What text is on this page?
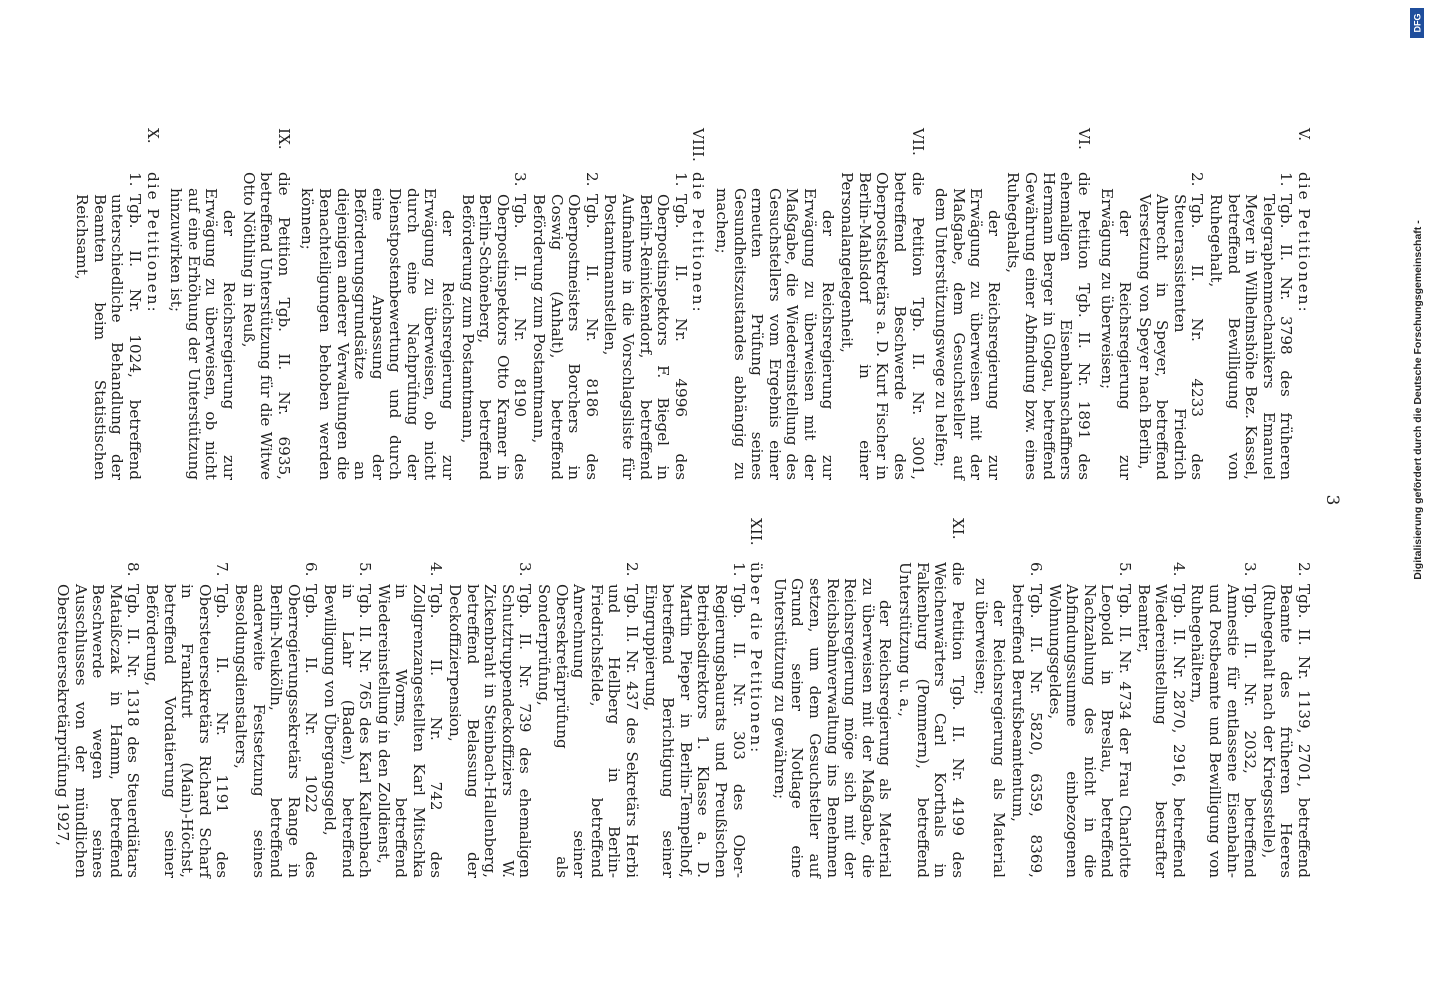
3
V.
die Petitionen:
1.
Tgb. II. Nr. 3798 des früheren Telegraphenmechanikers Emanuel Meyer in Wilhelmshöhe Bez. Kassel, betreffend Bewilligung von Ruhegehalt,
2.
Tgb. II. Nr. 4233 des Steuerassistenten Friedrich Albrecht in Speyer, betreffend Versetzung von Speyer nach Berlin,
der Reichsregierung zur Erwägung zu überweisen;
VI.
die Petition Tgb. II. Nr. 1891 des ehemaligen Eisenbahnschaffners Hermann Berger in Glogau, betreffend Gewährung einer Abfindung bzw. eines Ruhegehalts,
der Reichsregierung zur Erwägung zu überweisen mit der Maßgabe, dem Gesuchsteller auf dem Unterstützungswege zu helfen;
VII.
die Petition Tgb. II. Nr. 3001, betreffend Beschwerde des Oberpostsekretärs a. D. Kurt Fischer in Berlin-Mahlsdorf in einer Personalangelegenheit,
der Reichsregierung zur Erwägung zu überweisen mit der Maßgabe, die Wiedereinstellung des Gesuchstellers vom Ergebnis einer erneuten Prüfung seines Gesundheitszustandes abhängig zu machen;
VIII.
die Petitionen:
1.
Tgb. II. Nr. 4996 des Oberpostinspektors F. Biegel in Berlin-Reinickendorf, betreffend Aufnahme in die Vorschlagsliste für Postamtmannstellen,
2.
Tgb. II. Nr. 8186 des Oberpostmeisters Borchers in Coswig (Anhalt), betreffend Beförderung zum Postamtmann,
3.
Tgb. II. Nr. 8190 des Oberpostinspektors Otto Kramer in Berlin-Schöneberg, betreffend Beförderung zum Postamtmann,
der Reichsregierung zur Erwägung zu überweisen, ob nicht durch eine Nachprüfung der Dienstpostenbewertung und durch eine Anpassung der Beförderungsgrundsätze an diejenigen anderer Verwaltungen die Benachteiligungen behoben werden können;
IX.
die Petition Tgb. II. Nr. 6935, betreffend Unterstützung für die Witwe Otto Nöthling in Reuß,
der Reichsregierung zur Erwägung zu überweisen, ob nicht auf eine Erhöhung der Unterstützung hinzuwirken ist;
X.
die Petitionen:
1.
Tgb. II. Nr. 1024, betreffend unterschiedliche Behandlung der Beamten beim Statistischen Reichsamt,
2.
Tgb. II. Nr. 1139, 2701, betreffend Beamte des früheren Heeres (Ruhegehalt nach der Kriegsstelle),
3.
Tgb. II. Nr. 2032, betreffend Amnestie für entlassene Eisenbahn- und Postbeamte und Bewilligung von Ruhegehältern,
4.
Tgb. II. Nr. 2870, 2916, betreffend Wiedereinstellung bestrafter Beamter,
5.
Tgb. II. Nr. 4734 der Frau Charlotte Leopold in Breslau, betreffend Nachzahlung des nicht in die Abfindungssumme einbezogenen Wohnungsgeldes,
6.
Tgb. II. Nr. 5820, 6359, 8369, betreffend Berufsbeamtentum,
der Reichsregierung als Material zu überweisen;
XI.
die Petition Tgb. II. Nr. 4199 des Weichenwärters Carl Korthals in Falkenburg (Pommern), betreffend Unterstützung u. a.,
der Reichsregierung als Material zu überweisen mit der Maßgabe, die Reichsregierung möge sich mit der Reichsbahnverwaltung ins Benehmen setzen, um dem Gesuchsteller auf Grund seiner Notlage eine Unterstützung zu gewähren;
XII.
über die Petitionen:
1.
Tgb. II. Nr. 303 des Ober-Regierungsbaurats und Preußischen Betriebsdirektors 1. Klasse a. D. Martin Pieper in Berlin-Tempelhof, betreffend Berichtigung seiner Eingruppierung,
2.
Tgb. II. Nr. 437 des Sekretärs Herbi und Hellberg in Berlin-Friedrichsfelde, betreffend Anrechnung seiner Obersekretärprüfung als Sonderprüfung,
3.
Tgb. II. Nr. 739 des ehemaligen Schutztruppendeckoffiziers W. Zickenbraht in Steinbach-Hallenberg, betreffend Belassung der Deckoffizierpension,
4.
Tgb. II. Nr. 742 des Zollgrenzangestellten Karl Mitschka in Worms, betreffend Wiedereinstellung in den Zolldienst,
5.
Tgb. II. Nr. 765 des Karl Kaltenbach in Lahr (Baden), betreffend Bewilligung von Übergangsgeld,
6.
Tgb. II. Nr. 1022 des Oberregierungssekretärs Range in Berlin-Neukölln, betreffend anderweite Festsetzung seines Besoldungsdienstalters,
7.
Tgb. II. Nr. 1191 des Obersteuersekretärs Richard Scharf in Frankfurt (Main)-Höchst, betreffend Vordatierung seiner Beförderung,
8.
Tgb. II. Nr. 1318 des Steuerdiätars Mataißczak in Hamm, betreffend Beschwerde wegen seines Ausschlusses von der mündlichen Obersteuersekretärprüfung 1927,
DFG
Digitalisierung gefördert durch die Deutsche Forschungsgemeinschaft -
